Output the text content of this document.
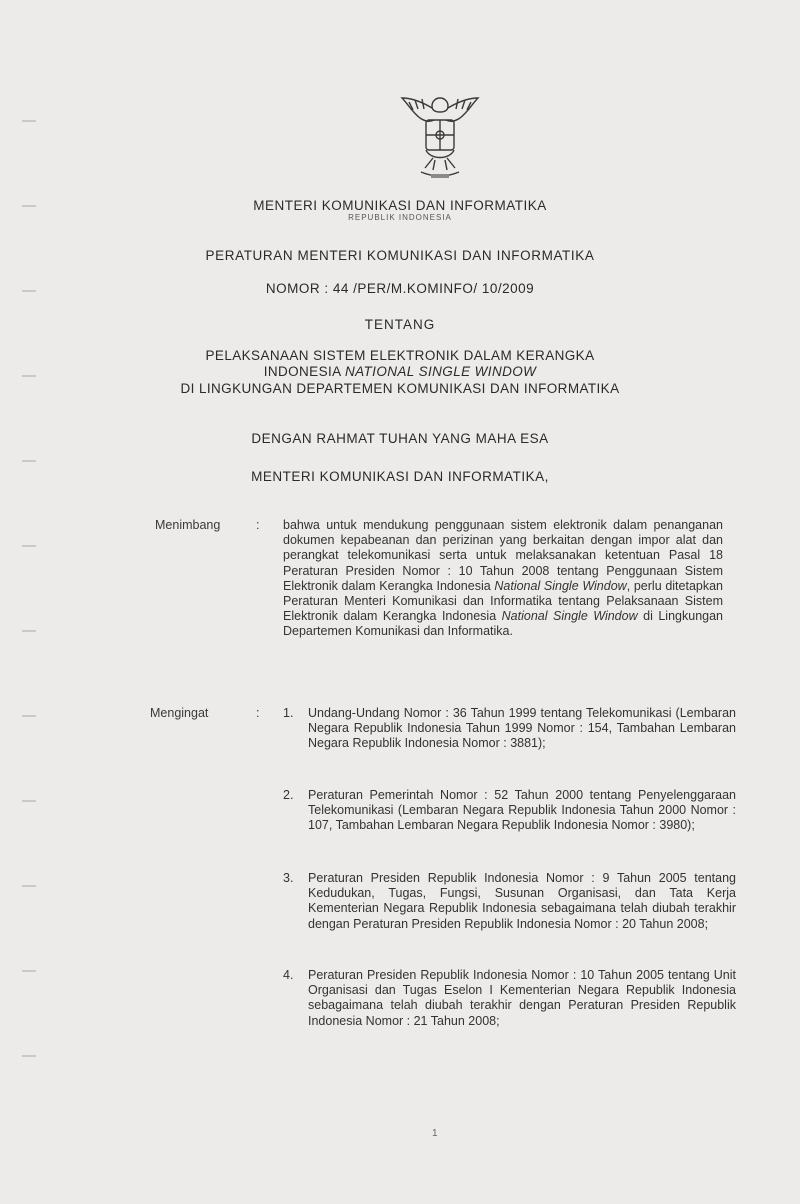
MENTERI KOMUNIKASI DAN INFORMATIKA
REPUBLIK INDONESIA
PERATURAN MENTERI KOMUNIKASI DAN INFORMATIKA
NOMOR : 44 /PER/M.KOMINFO/ 10/2009
TENTANG
PELAKSANAAN SISTEM ELEKTRONIK DALAM KERANGKA
INDONESIA NATIONAL SINGLE WINDOW
DI LINGKUNGAN DEPARTEMEN KOMUNIKASI DAN INFORMATIKA
DENGAN RAHMAT TUHAN YANG MAHA ESA
MENTERI KOMUNIKASI DAN INFORMATIKA,
Menimbang	: bahwa untuk mendukung penggunaan sistem elektronik dalam penanganan dokumen kepabeanan dan perizinan yang berkaitan dengan impor alat dan perangkat telekomunikasi serta untuk melaksanakan ketentuan Pasal 18 Peraturan Presiden Nomor : 10 Tahun 2008 tentang Penggunaan Sistem Elektronik dalam Kerangka Indonesia National Single Window, perlu ditetapkan Peraturan Menteri Komunikasi dan Informatika tentang Pelaksanaan Sistem Elektronik dalam Kerangka Indonesia National Single Window di Lingkungan Departemen Komunikasi dan Informatika.
Mengingat	: 1. Undang-Undang Nomor : 36 Tahun 1999 tentang Telekomunikasi (Lembaran Negara Republik Indonesia Tahun 1999 Nomor : 154, Tambahan Lembaran Negara Republik Indonesia Nomor : 3881);
2. Peraturan Pemerintah Nomor : 52 Tahun 2000 tentang Penyelenggaraan Telekomunikasi (Lembaran Negara Republik Indonesia Tahun 2000 Nomor : 107, Tambahan Lembaran Negara Republik Indonesia Nomor : 3980);
3. Peraturan Presiden Republik Indonesia Nomor : 9 Tahun 2005 tentang Kedudukan, Tugas, Fungsi, Susunan Organisasi, dan Tata Kerja Kementerian Negara Republik Indonesia sebagaimana telah diubah terakhir dengan Peraturan Presiden Republik Indonesia Nomor : 20 Tahun 2008;
4. Peraturan Presiden Republik Indonesia Nomor : 10 Tahun 2005 tentang Unit Organisasi dan Tugas Eselon I Kementerian Negara Republik Indonesia sebagaimana telah diubah terakhir dengan Peraturan Presiden Republik Indonesia Nomor : 21 Tahun 2008;
1
